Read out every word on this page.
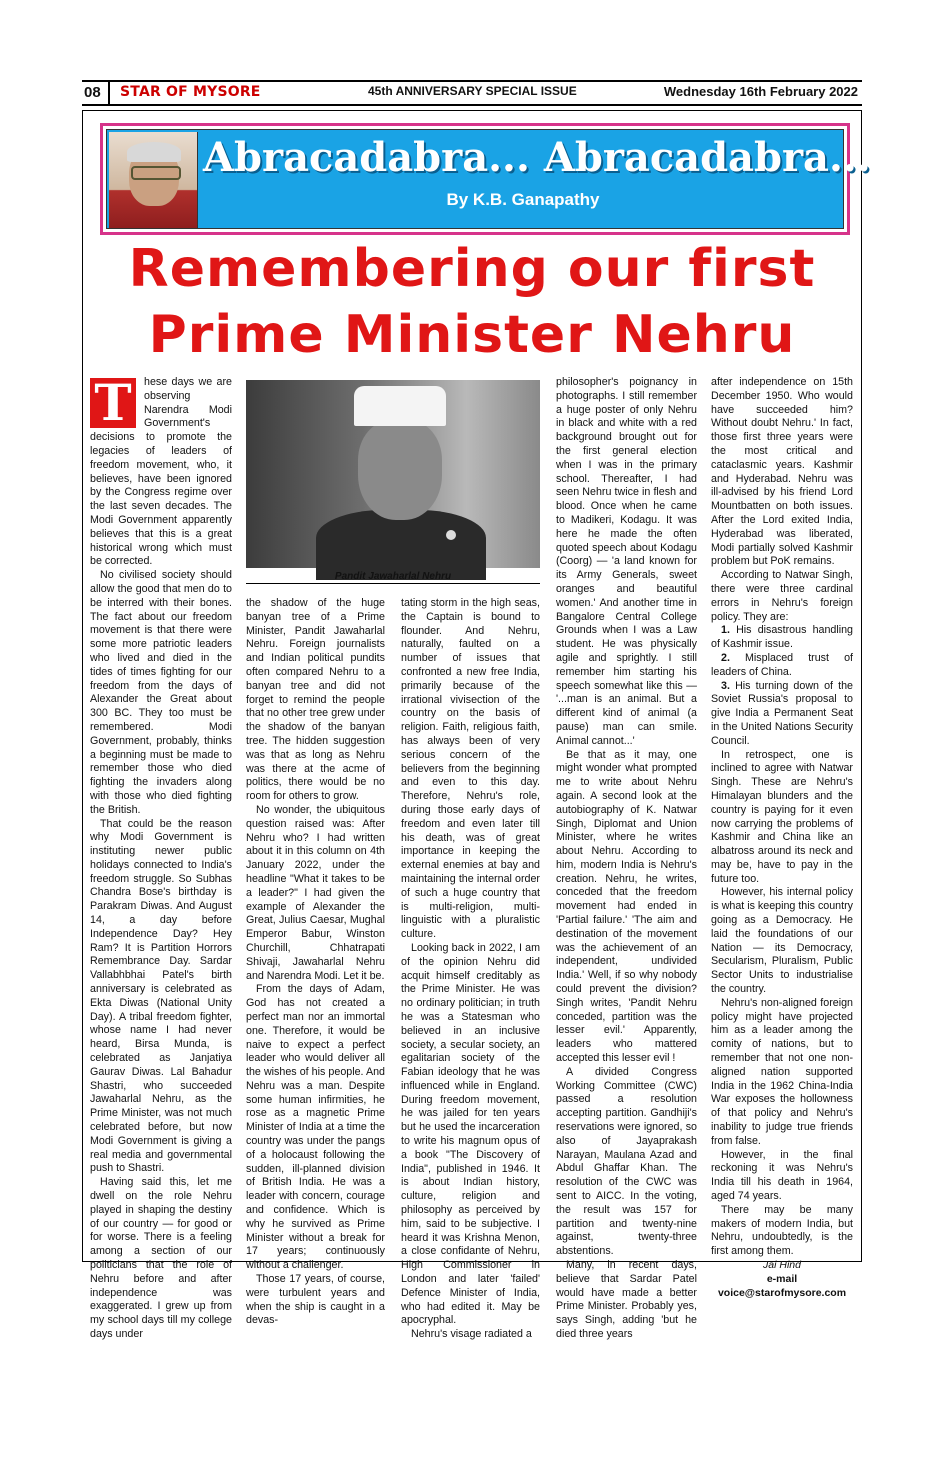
08 STAR OF MYSORE	45th ANNIVERSARY SPECIAL ISSUE	Wednesday 16th February 2022
Abracadabra... Abracadabra...
By K.B. Ganapathy
Remembering our first
Prime Minister Nehru
Pandit Jawaharlal Nehru
T	hese days we are observing Narendra Modi Government's decisions to promote the legacies of leaders of freedom movement, who, it believes, have been ignored by the Congress regime over the last seven decades. The Modi Government apparently believes that this is a great historical wrong which must be corrected.

No civilised society should allow the good that men do to be interred with their bones. The fact about our freedom movement is that there were some more patriotic leaders who lived and died in the tides of times fighting for our freedom from the days of Alexander the Great about 300 BC. They too must be remembered. Modi Government, probably, thinks a beginning must be made to remember those who died fighting the invaders along with those who died fighting the British.

That could be the reason why Modi Government is instituting newer public holidays connected to India's freedom struggle. So Subhas Chandra Bose's birthday is Parakram Diwas. And August 14, a day before Independence Day? Hey Ram? It is Partition Horrors Remembrance Day. Sardar Vallabhbhai Patel's birth anniversary is celebrated as Ekta Diwas (National Unity Day). A tribal freedom fighter, whose name I had never heard, Birsa Munda, is celebrated as Janjatiya Gaurav Diwas. Lal Bahadur Shastri, who succeeded Jawaharlal Nehru, as the Prime Minister, was not much celebrated before, but now Modi Government is giving a real media and governmental push to Shastri.

Having said this, let me dwell on the role Nehru played in shaping the destiny of our country — for good or for worse. There is a feeling among a section of our politicians that the role of Nehru before and after independence was exaggerated. I grew up from my school days till my college days under

the shadow of the huge banyan tree of a Prime Minister, Pandit Jawaharlal Nehru. Foreign journalists and Indian political pundits often compared Nehru to a banyan tree and did not forget to remind the people that no other tree grew under the shadow of the banyan tree. The hidden suggestion was that as long as Nehru was there at the acme of politics, there would be no room for others to grow.

No wonder, the ubiquitous question raised was: After Nehru who? I had written about it in this column on 4th January 2022, under the headline "What it takes to be a leader?" I had given the example of Alexander the Great, Julius Caesar, Mughal Emperor Babur, Winston Churchill, Chhatrapati Shivaji, Jawaharlal Nehru and Narendra Modi. Let it be.

From the days of Adam, God has not created a perfect man nor an immortal one. Therefore, it would be naive to expect a perfect leader who would deliver all the wishes of his people. And Nehru was a man. Despite some human infirmities, he rose as a magnetic Prime Minister of India at a time the country was under the pangs of a holocaust following the sudden, ill-planned division of British India. He was a leader with concern, courage and confidence. Which is why he survived as Prime Minister without a break for 17 years; continuously without a challenger.

Those 17 years, of course, were turbulent years and when the ship is caught in a devas-

tating storm in the high seas, the Captain is bound to flounder. And Nehru, naturally, faulted on a number of issues that confronted a new free India, primarily because of the irrational vivisection of the country on the basis of religion. Faith, religious faith, has always been of very serious concern of the believers from the beginning and even to this day. Therefore, Nehru's role, during those early days of freedom and even later till his death, was of great importance in keeping the external enemies at bay and maintaining the internal order of such a huge country that is multi-religion, multi-linguistic with a pluralistic culture.

Looking back in 2022, I am of the opinion Nehru did acquit himself creditably as the Prime Minister. He was no ordinary politician; in truth he was a Statesman who believed in an inclusive society, a secular society, an egalitarian society of the Fabian ideology that he was influenced while in England. During freedom movement, he was jailed for ten years but he used the incarceration to write his magnum opus of a book "The Discovery of India", published in 1946. It is about Indian history, culture, religion and philosophy as perceived by him, said to be subjective. I heard it was Krishna Menon, a close confidante of Nehru, High Commissioner in London and later 'failed' Defence Minister of India, who had edited it. May be apocryphal.

Nehru's visage radiated a

philosopher's poignancy in photographs. I still remember a huge poster of only Nehru in black and white with a red background brought out for the first general election when I was in the primary school. Thereafter, I had seen Nehru twice in flesh and blood. Once when he came to Madikeri, Kodagu. It was here he made the often quoted speech about Kodagu (Coorg) — 'a land known for its Army Generals, sweet oranges and beautiful women.' And another time in Bangalore Central College Grounds when I was a Law student. He was physically agile and sprightly. I still remember him starting his speech somewhat like this — '...man is an animal. But a different kind of animal (a pause) man can smile. Animal cannot...'

Be that as it may, one might wonder what prompted me to write about Nehru again. A second look at the autobiography of K. Natwar Singh, Diplomat and Union Minister, where he writes about Nehru. According to him, modern India is Nehru's creation. Nehru, he writes, conceded that the freedom movement had ended in 'Partial failure.' 'The aim and destination of the movement was the achievement of an independent, undivided India.' Well, if so why nobody could prevent the division? Singh writes, 'Pandit Nehru conceded, partition was the lesser evil.' Apparently, leaders who mattered accepted this lesser evil !

A divided Congress Working Committee (CWC) passed a resolution accepting partition. Gandhiji's reservations were ignored, so also of Jayaprakash Narayan, Maulana Azad and Abdul Ghaffar Khan. The resolution of the CWC was sent to AICC. In the voting, the result was 157 for partition and twenty-nine against, twenty-three abstentions.

Many, in recent days, believe that Sardar Patel would have made a better Prime Minister. Probably yes, says Singh, adding 'but he died three years

after independence on 15th December 1950. Who would have succeeded him? Without doubt Nehru.' In fact, those first three years were the most critical and cataclasmic years. Kashmir and Hyderabad. Nehru was ill-advised by his friend Lord Mountbatten on both issues. After the Lord exited India, Hyderabad was liberated, Modi partially solved Kashmir problem but PoK remains.

According to Natwar Singh, there were three cardinal errors in Nehru's foreign policy. They are:

1. His disastrous handling of Kashmir issue.

2. Misplaced trust of leaders of China.

3. His turning down of the Soviet Russia's proposal to give India a Permanent Seat in the United Nations Security Council.

In retrospect, one is inclined to agree with Natwar Singh. These are Nehru's Himalayan blunders and the country is paying for it even now carrying the problems of Kashmir and China like an albatross around its neck and may be, have to pay in the future too.

However, his internal policy is what is keeping this country going as a Democracy. He laid the foundations of our Nation — its Democracy, Secularism, Pluralism, Public Sector Units to industrialise the country.

Nehru's non-aligned foreign policy might have projected him as a leader among the comity of nations, but to remember that not one non-aligned nation supported India in the 1962 China-India War exposes the hollowness of that policy and Nehru's inability to judge true friends from false.

However, in the final reckoning it was Nehru's India till his death in 1964, aged 74 years.

There may be many makers of modern India, but Nehru, undoubtedly, is the first among them.

Jai Hind
e-mail
voice@starofmysore.com
